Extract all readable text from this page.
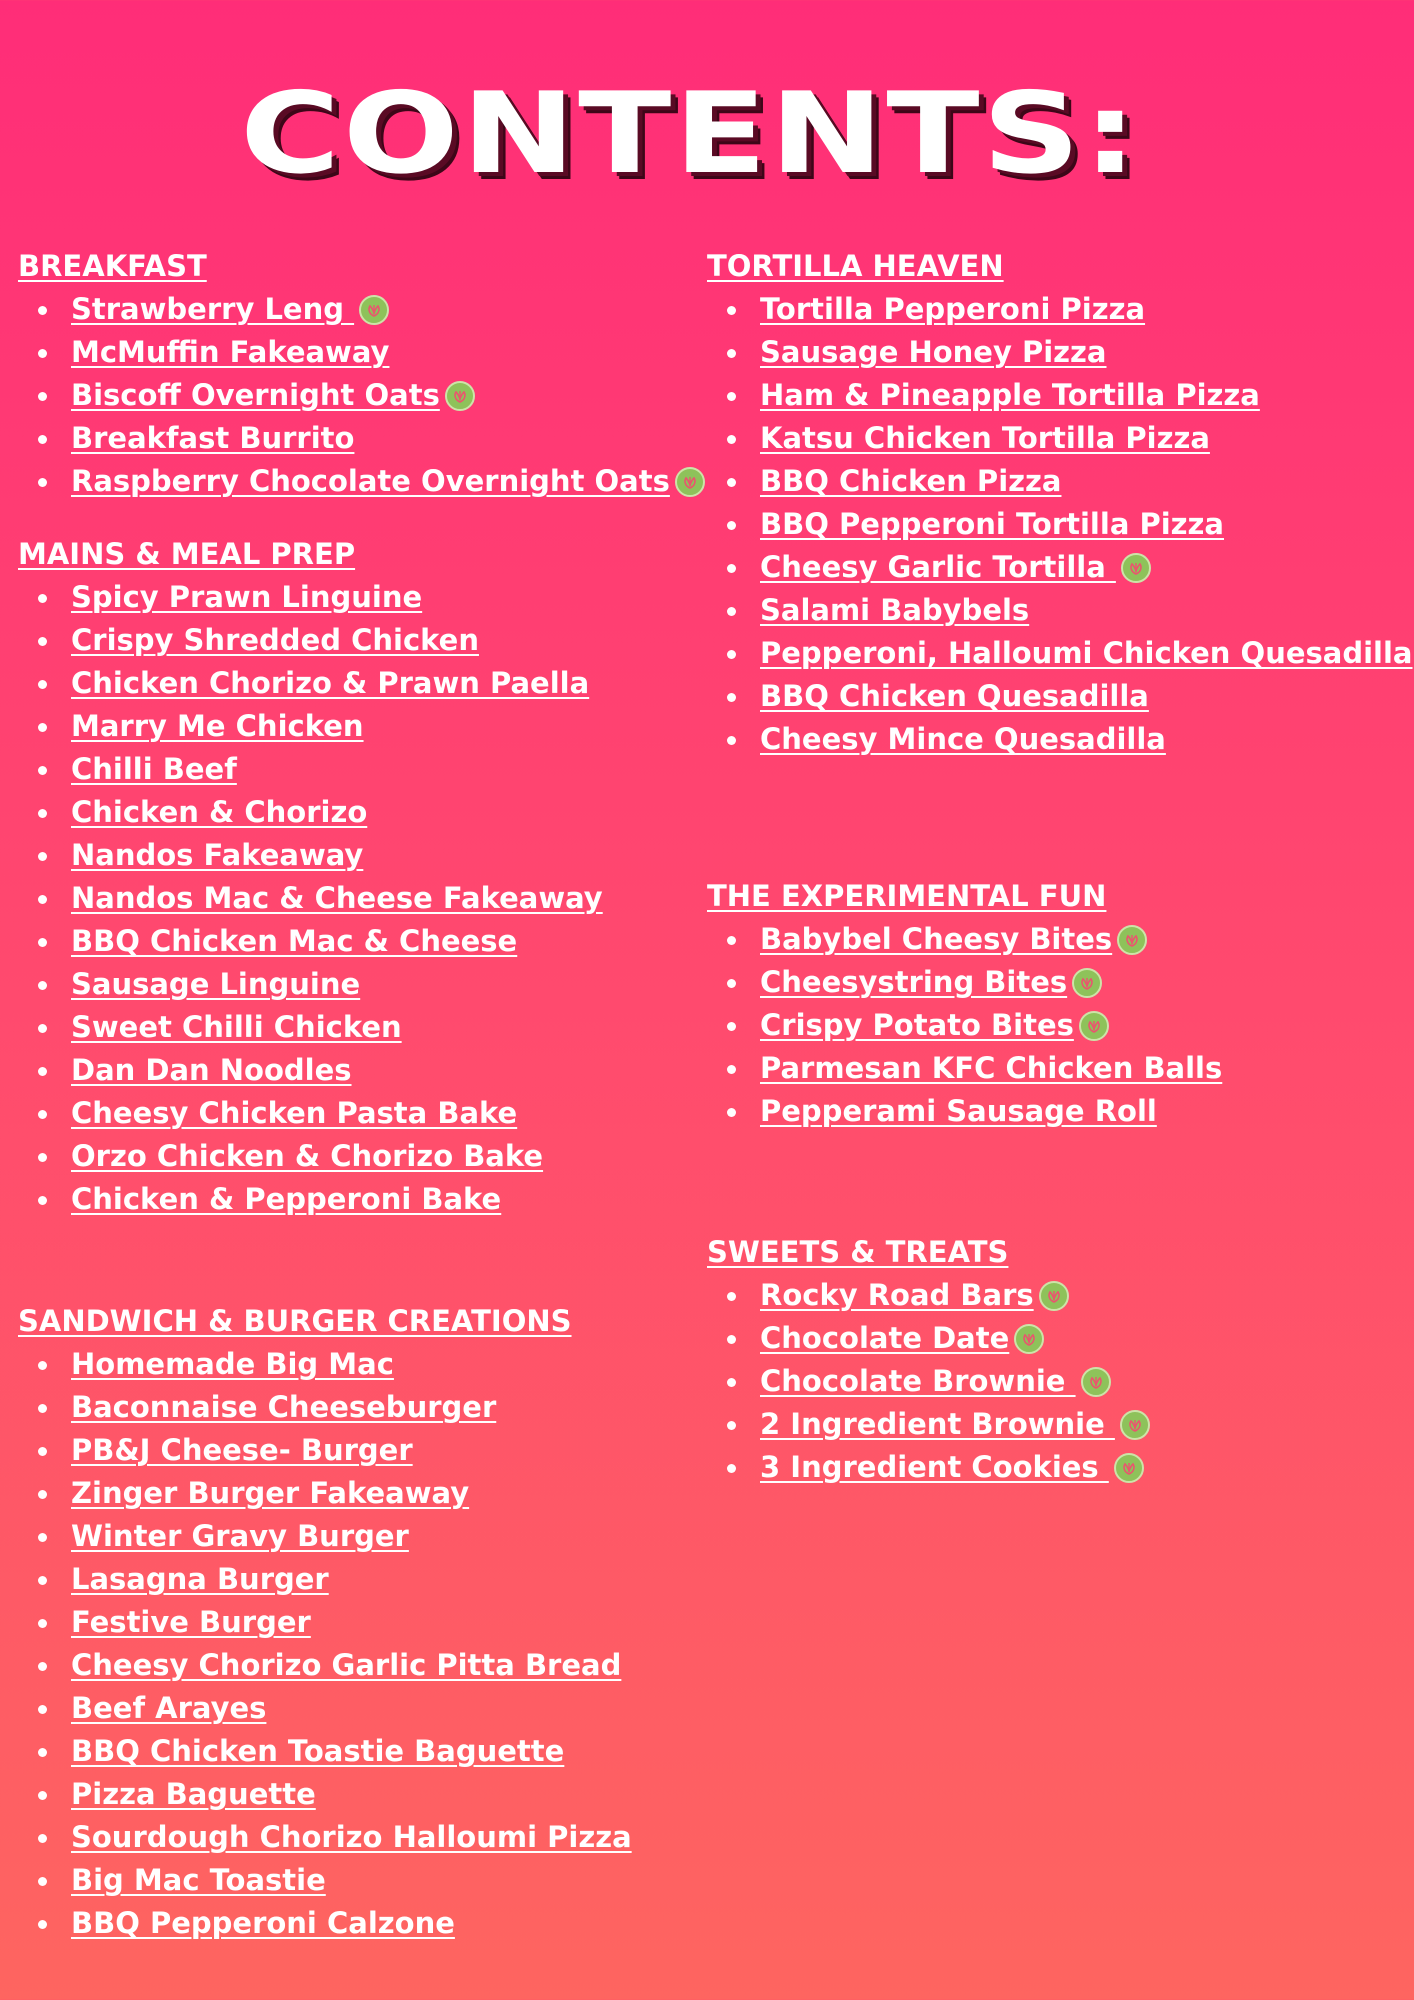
CONTENTS:
BREAKFAST
Strawberry Leng
McMuffin Fakeaway
Biscoff Overnight Oats
Breakfast Burrito
Raspberry Chocolate Overnight Oats
MAINS & MEAL PREP
Spicy Prawn Linguine
Crispy Shredded Chicken
Chicken Chorizo & Prawn Paella
Marry Me Chicken
Chilli Beef
Chicken & Chorizo
Nandos Fakeaway
Nandos Mac & Cheese Fakeaway
BBQ Chicken Mac & Cheese
Sausage Linguine
Sweet Chilli Chicken
Dan Dan Noodles
Cheesy Chicken Pasta Bake
Orzo Chicken & Chorizo Bake
Chicken & Pepperoni Bake
SANDWICH & BURGER CREATIONS
Homemade Big Mac
Baconnaise Cheeseburger
PB&J Cheese- Burger
Zinger Burger Fakeaway
Winter Gravy Burger
Lasagna Burger
Festive Burger
Cheesy Chorizo Garlic Pitta Bread
Beef Arayes
BBQ Chicken Toastie Baguette
Pizza Baguette
Sourdough Chorizo Halloumi Pizza
Big Mac Toastie
BBQ Pepperoni Calzone
TORTILLA HEAVEN
Tortilla Pepperoni Pizza
Sausage Honey Pizza
Ham & Pineapple Tortilla Pizza
Katsu Chicken Tortilla Pizza
BBQ Chicken Pizza
BBQ Pepperoni Tortilla Pizza
Cheesy Garlic Tortilla
Salami Babybels
Pepperoni, Halloumi Chicken Quesadilla
BBQ Chicken Quesadilla
Cheesy Mince Quesadilla
THE EXPERIMENTAL FUN
Babybel Cheesy Bites
Cheesystring Bites
Crispy Potato Bites
Parmesan KFC Chicken Balls
Pepperami Sausage Roll
SWEETS & TREATS
Rocky Road Bars
Chocolate Date
Chocolate Brownie
2 Ingredient Brownie
3 Ingredient Cookies
